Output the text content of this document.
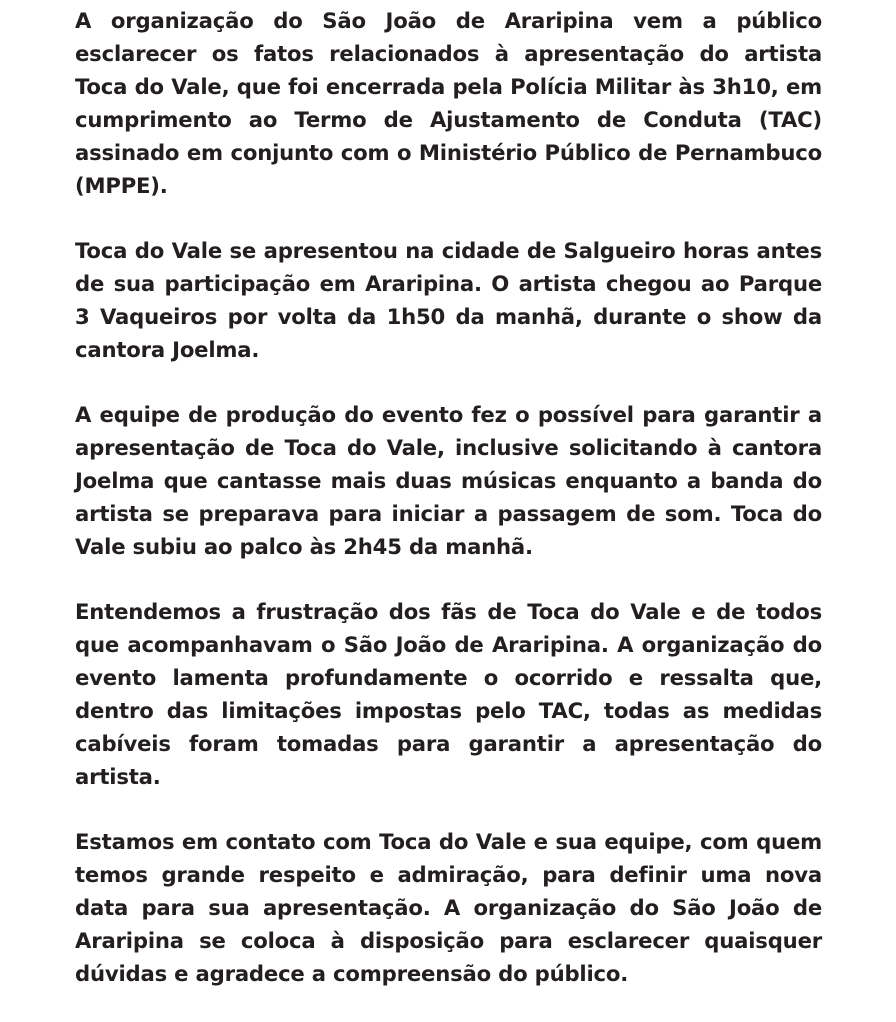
A organização do São João de Araripina vem a público esclarecer os fatos relacionados à apresentação do artista Toca do Vale, que foi encerrada pela Polícia Militar às 3h10, em cumprimento ao Termo de Ajustamento de Conduta (TAC) assinado em conjunto com o Ministério Público de Pernambuco (MPPE).

Toca do Vale se apresentou na cidade de Salgueiro horas antes de sua participação em Araripina. O artista chegou ao Parque 3 Vaqueiros por volta da 1h50 da manhã, durante o show da cantora Joelma.

A equipe de produção do evento fez o possível para garantir a apresentação de Toca do Vale, inclusive solicitando à cantora Joelma que cantasse mais duas músicas enquanto a banda do artista se preparava para iniciar a passagem de som. Toca do Vale subiu ao palco às 2h45 da manhã.

Entendemos a frustração dos fãs de Toca do Vale e de todos que acompanhavam o São João de Araripina. A organização do evento lamenta profundamente o ocorrido e ressalta que, dentro das limitações impostas pelo TAC, todas as medidas cabíveis foram tomadas para garantir a apresentação do artista.

Estamos em contato com Toca do Vale e sua equipe, com quem temos grande respeito e admiração, para definir uma nova data para sua apresentação. A organização do São João de Araripina se coloca à disposição para esclarecer quaisquer dúvidas e agradece a compreensão do público.
